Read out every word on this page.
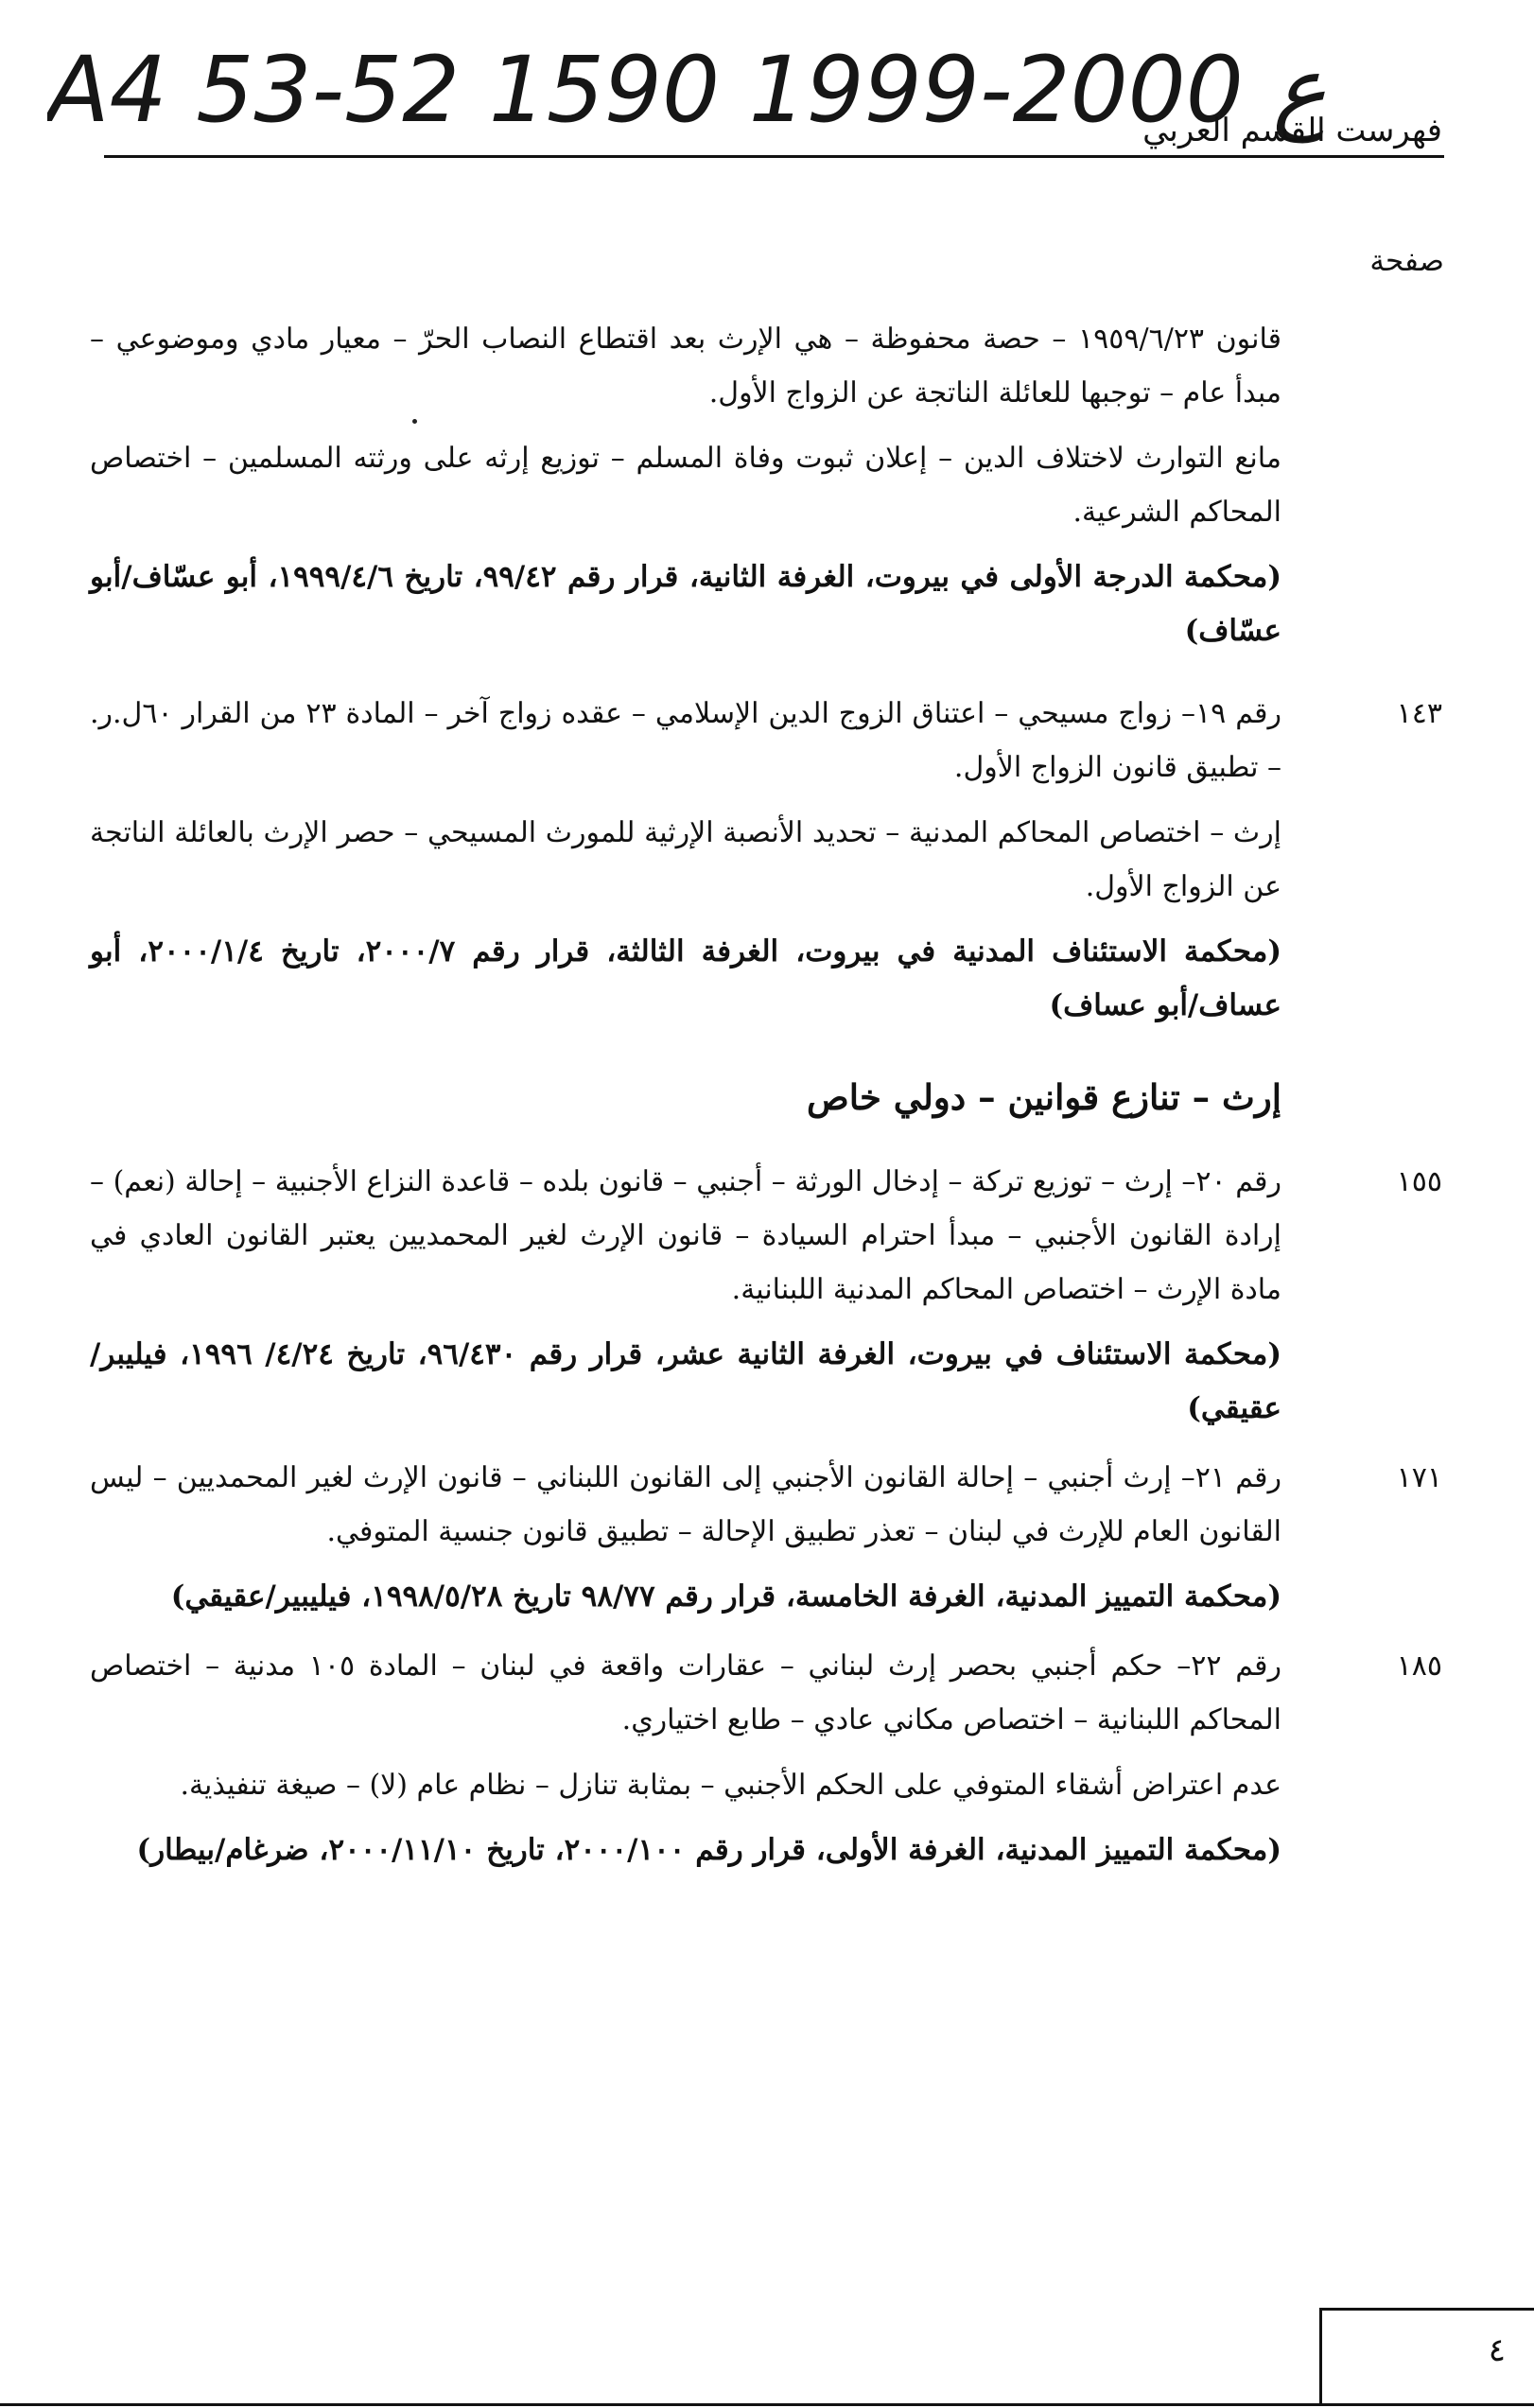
A4 53-52 ع 2000-1999 1590
فهرست القسم العربي
صفحة

قانون ١٩٥٩/٦/٢٣ – حصة محفوظة – هي الإرث بعد اقتطاع النصاب الحرّ – معيار مادي وموضوعي – مبدأ عام – توجبها للعائلة الناتجة عن الزواج الأول.

مانع التوارث لاختلاف الدين – إعلان ثبوت وفاة المسلم – توزيع إرثه على ورثته المسلمين – اختصاص المحاكم الشرعية.

(محكمة الدرجة الأولى في بيروت، الغرفة الثانية، قرار رقم ٩٩/٤٢، تاريخ ١٩٩٩/٤/٦، أبو عسّاف/أبو عسّاف)

١٤٣

رقم ١٩– زواج مسيحي – اعتناق الزوج الدين الإسلامي – عقده زواج آخر – المادة ٢٣ من القرار ٦٠ل.ر. – تطبيق قانون الزواج الأول.

إرث – اختصاص المحاكم المدنية – تحديد الأنصبة الإرثية للمورث المسيحي – حصر الإرث بالعائلة الناتجة عن الزواج الأول.

(محكمة الاستئناف المدنية في بيروت، الغرفة الثالثة، قرار رقم ٢٠٠٠/٧، تاريخ ٢٠٠٠/١/٤، أبو عساف/أبو عساف)

إرث – تنازع قوانين – دولي خاص
١٥٥

رقم ٢٠– إرث – توزيع تركة – إدخال الورثة – أجنبي – قانون بلده – قاعدة النزاع الأجنبية – إحالة (نعم) – إرادة القانون الأجنبي – مبدأ احترام السيادة – قانون الإرث لغير المحمديين يعتبر القانون العادي في مادة الإرث – اختصاص المحاكم المدنية اللبنانية.

(محكمة الاستئناف في بيروت، الغرفة الثانية عشر، قرار رقم ٩٦/٤٣٠، تاريخ ٤/٢٤/ ١٩٩٦، فيليبر/عقيقي)

١٧١

رقم ٢١– إرث أجنبي – إحالة القانون الأجنبي إلى القانون اللبناني – قانون الإرث لغير المحمديين – ليس القانون العام للإرث في لبنان – تعذر تطبيق الإحالة – تطبيق قانون جنسية المتوفي.

(محكمة التمييز المدنية، الغرفة الخامسة، قرار رقم ٩٨/٧٧ تاريخ ١٩٩٨/٥/٢٨، فيليبير/عقيقي)

١٨٥

رقم ٢٢– حكم أجنبي بحصر إرث لبناني – عقارات واقعة في لبنان – المادة ١٠٥ مدنية – اختصاص المحاكم اللبنانية – اختصاص مكاني عادي – طابع اختياري.

عدم اعتراض أشقاء المتوفي على الحكم الأجنبي – بمثابة تنازل – نظام عام (لا) – صيغة تنفيذية.

(محكمة التمييز المدنية، الغرفة الأولى، قرار رقم ٢٠٠٠/١٠٠، تاريخ ٢٠٠٠/١١/١٠، ضرغام/بيطار)

٤
